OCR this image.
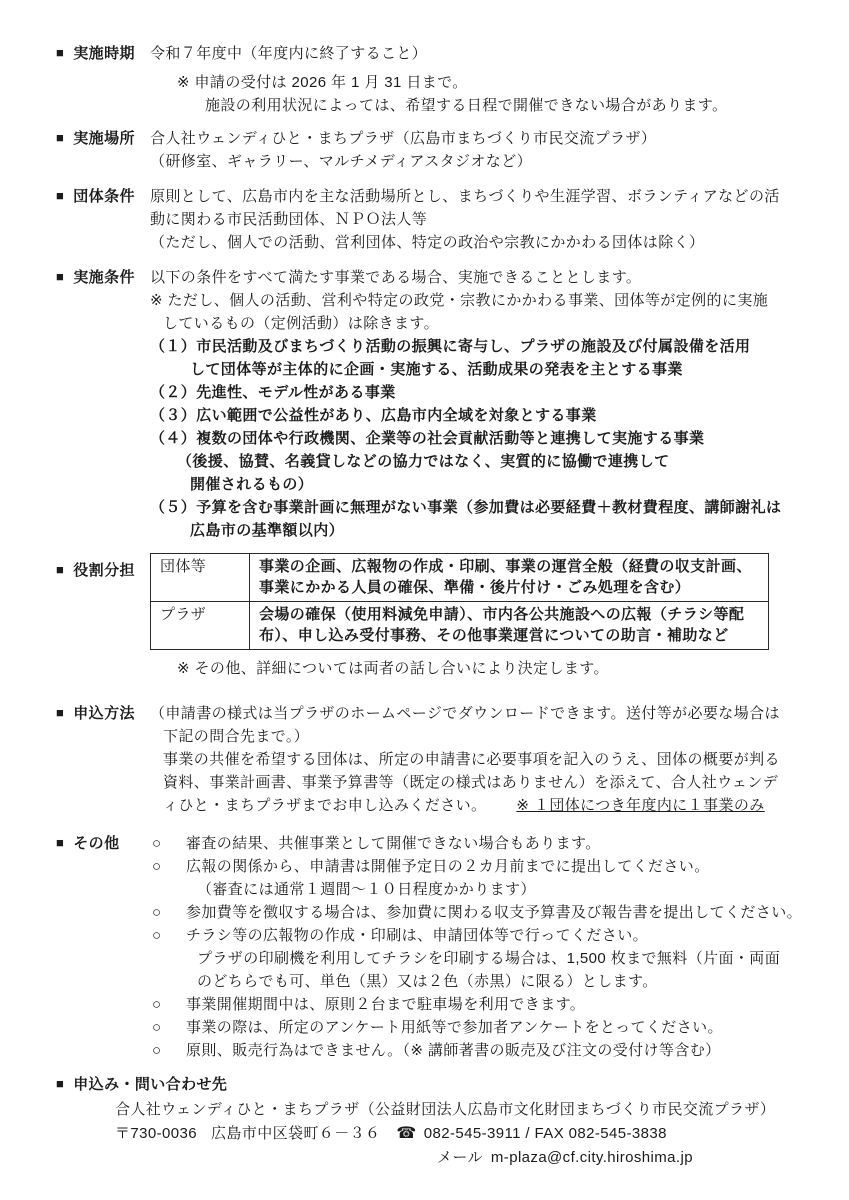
■ 実施時期 令和７年度中（年度内に終了すること）
※ 申請の受付は 2026 年 1 月 31 日まで。
施設の利用状況によっては、希望する日程で開催できない場合があります。
■ 実施場所 合人社ウェンディひと・まちプラザ（広島市まちづくり市民交流プラザ）
（研修室、ギャラリー、マルチメディアスタジオなど）
■ 団体条件 原則として、広島市内を主な活動場所とし、まちづくりや生涯学習、ボランティアなどの活
動に関わる市民活動団体、ＮＰＯ法人等
（ただし、個人での活動、営利団体、特定の政治や宗教にかかわる団体は除く）
■ 実施条件 以下の条件をすべて満たす事業である場合、実施できることとします。
※ ただし、個人の活動、営利や特定の政党・宗教にかかわる事業、団体等が定例的に実施
しているもの（定例活動）は除きます。
（１）市民活動及びまちづくり活動の振興に寄与し、プラザの施設及び付属設備を活用
して団体等が主体的に企画・実施する、活動成果の発表を主とする事業
（２）先進性、モデル性がある事業
（３）広い範囲で公益性があり、広島市内全域を対象とする事業
（４）複数の団体や行政機関、企業等の社会貢献活動等と連携して実施する事業
（後援、協賛、名義貸しなどの協力ではなく、実質的に協働で連携して
開催されるもの）
（５）予算を含む事業計画に無理がない事業（参加費は必要経費＋教材費程度、講師謝礼は
広島市の基準額以内）
■ 役割分担 団体等	事業の企画、広報物の作成・印刷、事業の運営全般（経費の収支計画、事業にかかる人員の確保、準備・後片付け・ごみ処理を含む）
プラザ	会場の確保（使用料減免申請）、市内各公共施設への広報（チラシ等配布）、申し込み受付事務、その他事業運営についての助言・補助など
※ その他、詳細については両者の話し合いにより決定します。
■ 申込方法 （申請書の様式は当プラザのホームページでダウンロードできます。送付等が必要な場合は
下記の問合先まで。）
事業の共催を希望する団体は、所定の申請書に必要事項を記入のうえ、団体の概要が判る
資料、事業計画書、事業予算書等（既定の様式はありません）を添えて、合人社ウェンデ
ィひと・まちプラザまでお申し込みください。 ※ １団体につき年度内に１事業のみ
■ その他 ○	審査の結果、共催事業として開催できない場合もあります。
○	広報の関係から、申請書は開催予定日の２カ月前までに提出してください。
（審査には通常１週間～１０日程度かかります）
○	参加費等を徴収する場合は、参加費に関わる収支予算書及び報告書を提出してください。
○	チラシ等の広報物の作成・印刷は、申請団体等で行ってください。
プラザの印刷機を利用してチラシを印刷する場合は、1,500 枚まで無料（片面・両面
のどちらでも可、単色（黒）又は２色（赤黒）に限る）とします。
○	事業開催期間中は、原則２台まで駐車場を利用できます。
○	事業の際は、所定のアンケート用紙等で参加者アンケートをとってください。
○	原則、販売行為はできません。（※ 講師著書の販売及び注文の受付け等含む）
■ 申込み・問い合わせ先
合人社ウェンディひと・まちプラザ（公益財団法人広島市文化財団まちづくり市民交流プラザ）
〒730-0036 広島市中区袋町６－３６ ☎ 082-545-3911 / FAX 082-545-3838
メール m-plaza@cf.city.hiroshima.jp
